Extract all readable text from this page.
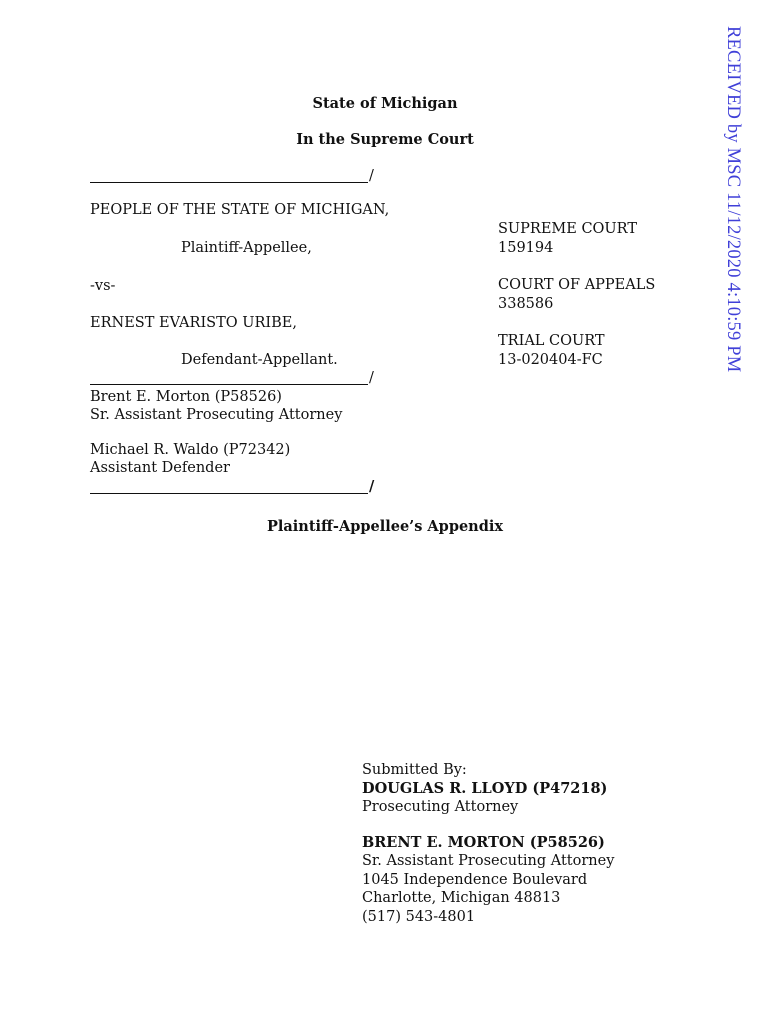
RECEIVED by MSC 11/12/2020 4:10:59 PM
State of Michigan
In the Supreme Court
/
PEOPLE OF THE STATE OF MICHIGAN,
Plaintiff-Appellee,
-vs-
ERNEST EVARISTO URIBE,
Defendant-Appellant.
/
SUPREME COURT
159194
COURT OF APPEALS
338586
TRIAL COURT
13-020404-FC
Brent E. Morton (P58526)
Sr. Assistant Prosecuting Attorney
Michael R. Waldo (P72342)
Assistant Defender
/
Plaintiff-Appellee’s Appendix
Submitted By:
DOUGLAS R. LLOYD (P47218)
Prosecuting Attorney
BRENT E. MORTON (P58526)
Sr. Assistant Prosecuting Attorney
1045 Independence Boulevard
Charlotte, Michigan 48813
(517) 543-4801
